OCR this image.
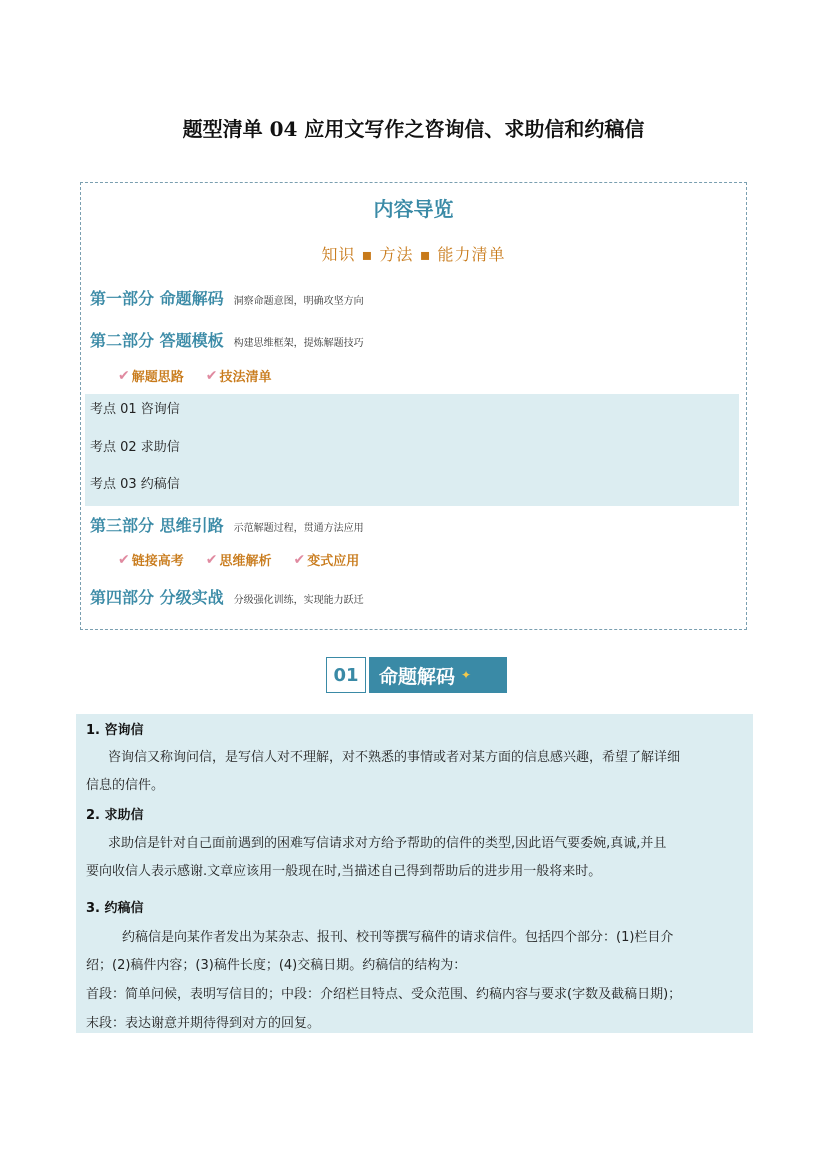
题型清单 04 应用文写作之咨询信、求助信和约稿信
内容导览
知识 ▪ 方法 ▪ 能力清单
第一部分 命题解码 洞察命题意图，明确攻坚方向
第二部分 答题模板 构建思维框架，提炼解题技巧
✔ 解题思路 ✔ 技法清单
考点 01 咨询信
考点 02 求助信
考点 03 约稿信
第三部分 思维引路 示范解题过程，贯通方法应用
✔ 链接高考 ✔ 思维解析 ✔ 变式应用
第四部分 分级实战 分级强化训练，实现能力跃迁
01	命题解码 ✦
1. 咨询信
咨询信又称询问信，是写信人对不理解，对不熟悉的事情或者对某方面的信息感兴趣，希望了解详细
信息的信件。
2. 求助信
求助信是针对自己面前遇到的困难写信请求对方给予帮助的信件的类型,因此语气要委婉,真诚,并且
要向收信人表示感谢.文章应该用一般现在时,当描述自己得到帮助后的进步用一般将来时。
3. 约稿信
约稿信是向某作者发出为某杂志、报刊、校刊等撰写稿件的请求信件。包括四个部分：(1)栏目介
绍；(2)稿件内容；(3)稿件长度；(4)交稿日期。约稿信的结构为：
首段：简单问候，表明写信目的；中段：介绍栏目特点、受众范围、约稿内容与要求(字数及截稿日期)；
末段：表达谢意并期待得到对方的回复。
